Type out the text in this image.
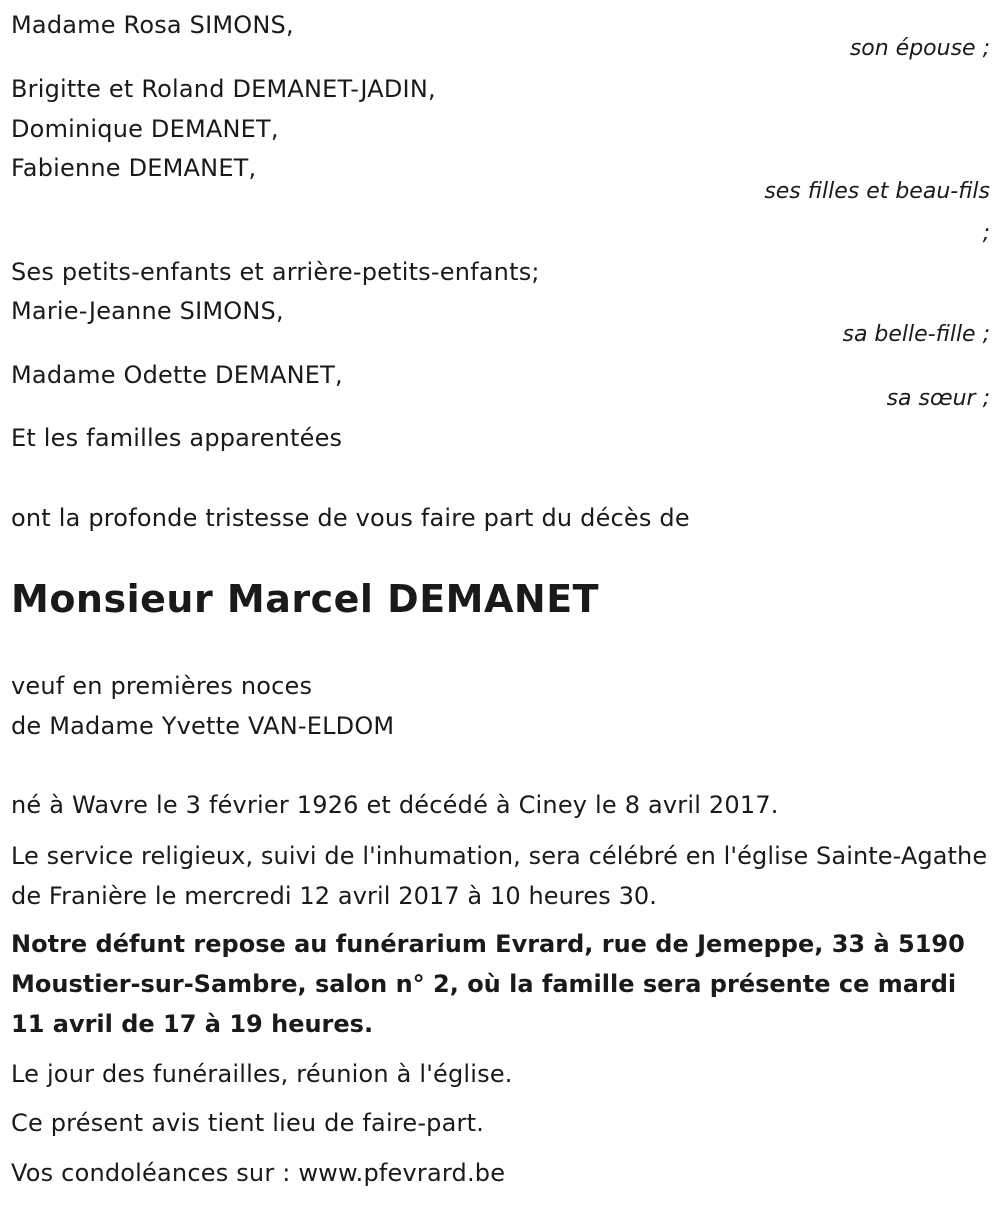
Madame Rosa SIMONS,
son épouse ;
Brigitte et Roland DEMANET-JADIN,
Dominique DEMANET,
Fabienne DEMANET,
ses filles et beau-fils
;
Ses petits-enfants et arrière-petits-enfants;
Marie-Jeanne SIMONS,
sa belle-fille ;
Madame Odette DEMANET,
sa sœur ;
Et les familles apparentées
ont la profonde tristesse de vous faire part du décès de
Monsieur Marcel DEMANET
veuf en premières noces
de Madame Yvette VAN-ELDOM
né à Wavre le 3 février 1926 et décédé à Ciney le 8 avril 2017.
Le service religieux, suivi de l'inhumation, sera célébré en l'église Sainte-Agathe de Franière le mercredi 12 avril 2017 à 10 heures 30.
Notre défunt repose au funérarium Evrard, rue de Jemeppe, 33 à 5190 Moustier-sur-Sambre, salon n° 2, où la famille sera présente ce mardi 11 avril de 17 à 19 heures.
Le jour des funérailles, réunion à l'église.
Ce présent avis tient lieu de faire-part.
Vos condoléances sur : www.pfevrard.be
